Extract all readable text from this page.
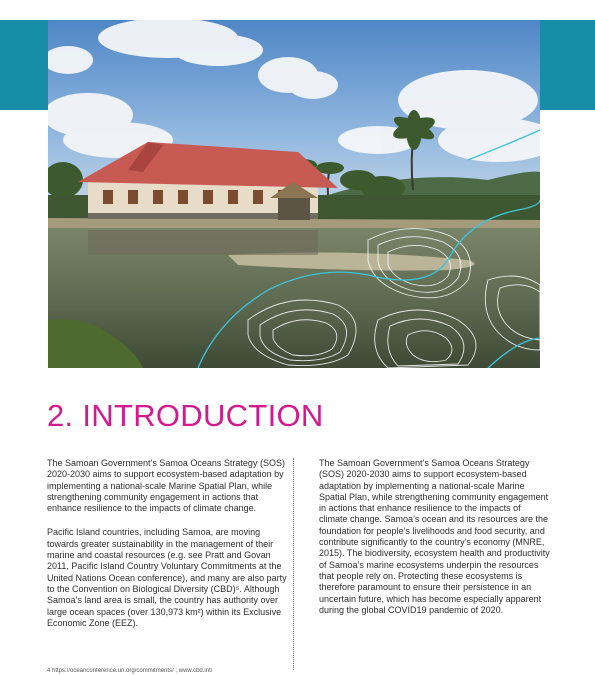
2. INTRODUCTION

The Samoan Government’s Samoa Oceans Strategy (SOS) 2020-2030 aims to support ecosystem-based adaptation by implementing a national-scale Marine Spatial Plan, while strengthening community engagement in actions that enhance resilience to the impacts of climate change.

Pacific Island countries, including Samoa, are moving towards greater sustainability in the management of their marine and coastal resources (e.g. see Pratt and Govan 2011, Pacific Island Country Voluntary Commitments at the United Nations Ocean conference), and many are also party to the Convention on Biological Diversity (CBD)⁵. Although Samoa’s land area is small, the country has authority over large ocean spaces (over 130,973 km²) within its Exclusive Economic Zone (EEZ).

The Samoan Government’s Samoa Oceans Strategy (SOS) 2020-2030 aims to support ecosystem-based adaptation by implementing a national-scale Marine Spatial Plan, while strengthening community engagement in actions that enhance resilience to the impacts of climate change. Samoa’s ocean and its resources are the foundation for people’s livelihoods and food security, and contribute significantly to the country’s economy (MNRE, 2015). The biodiversity, ecosystem health and productivity of Samoa’s marine ecosystems underpin the resources that people rely on. Protecting these ecosystems is therefore paramount to ensure their persistence in an uncertain future, which has become especially apparent during the global COVID19 pandemic of 2020.

4 https://oceanconference.un.org/commitments/ ; www.cbd.int/
